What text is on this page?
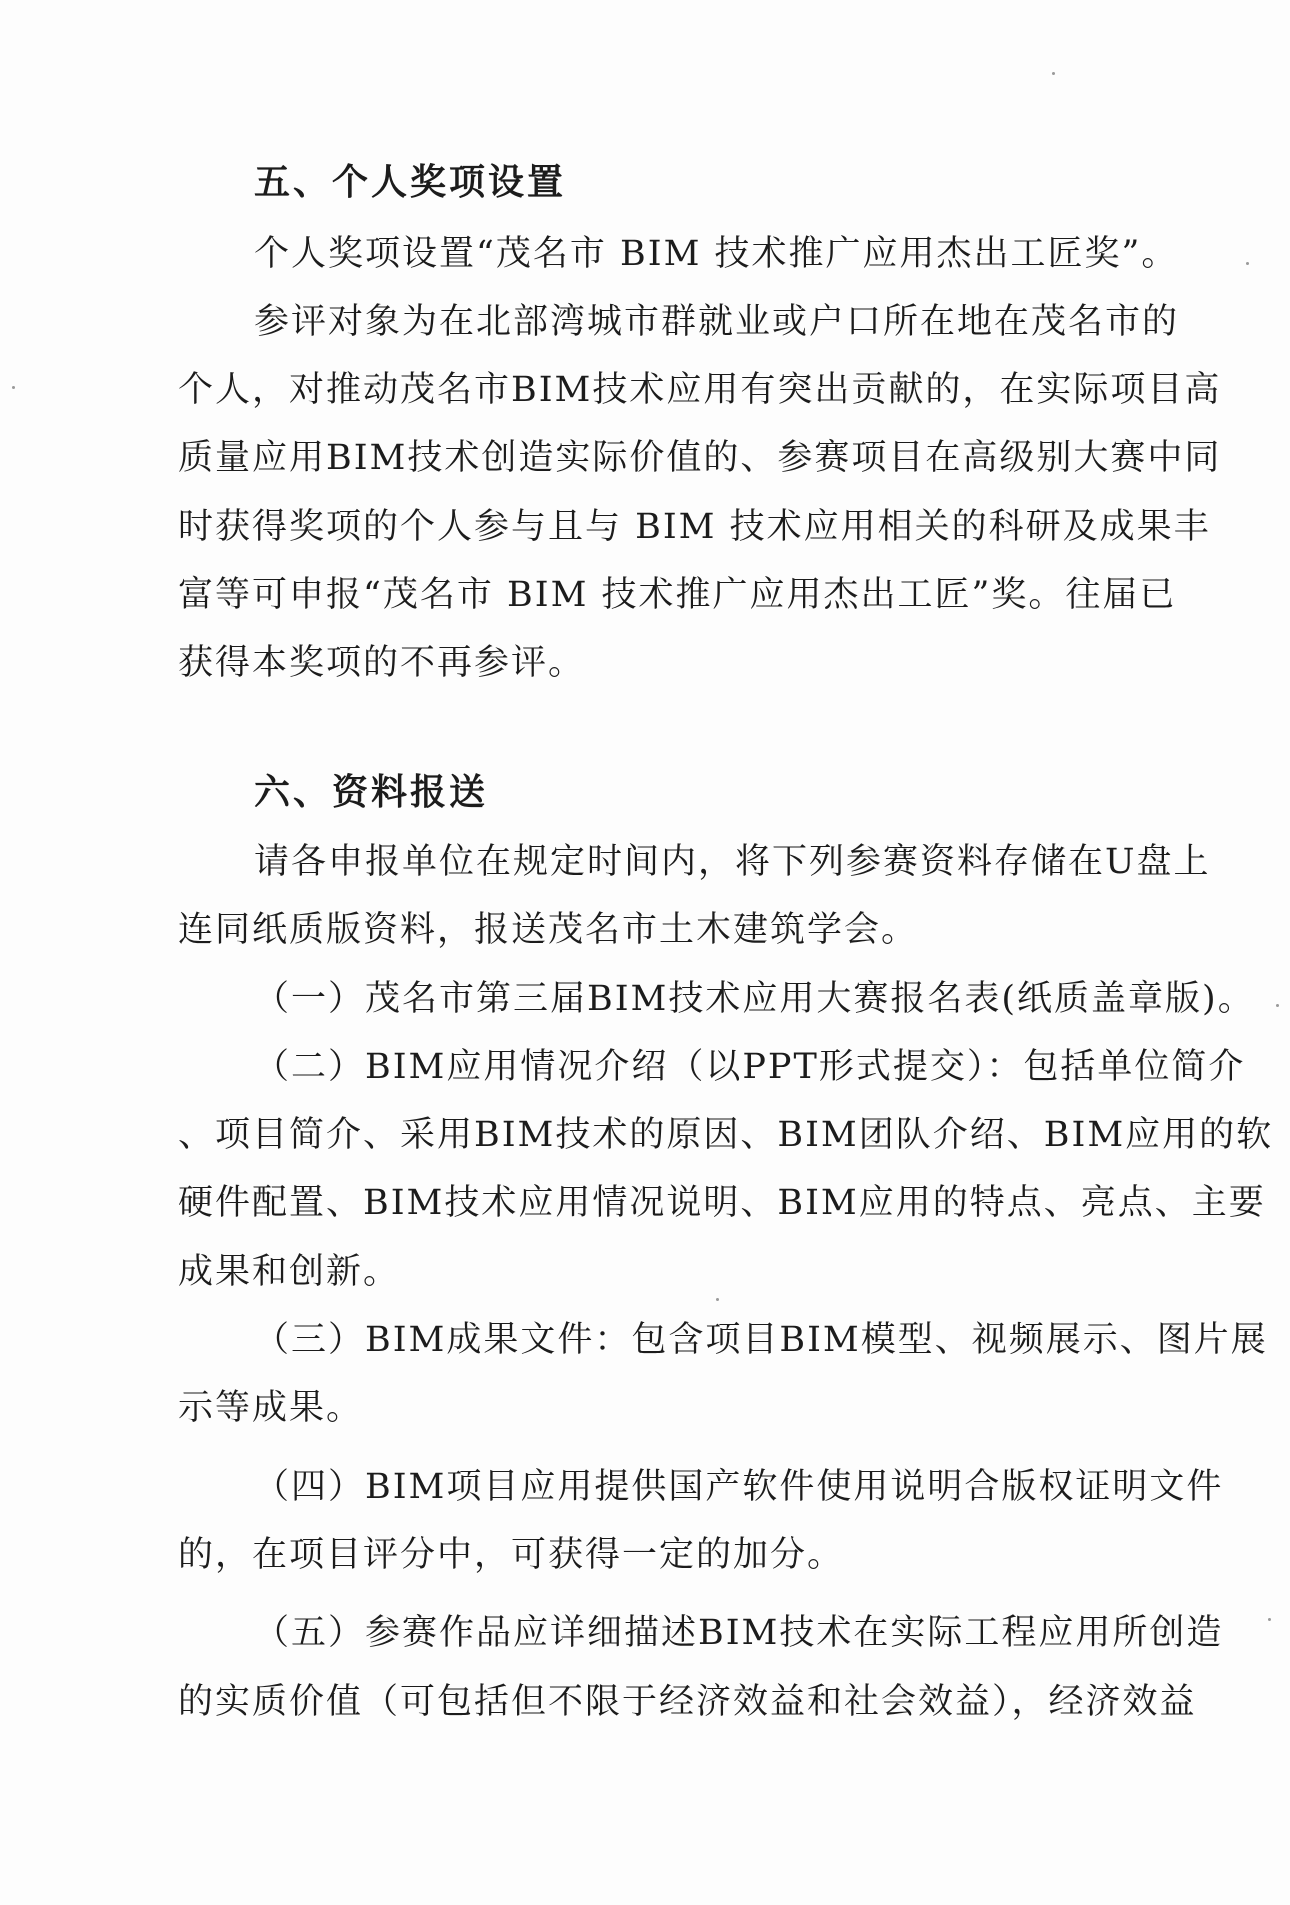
五、个人奖项设置
个人奖项设置“茂名市 BIM 技术推广应用杰出工匠奖”。
参评对象为在北部湾城市群就业或户口所在地在茂名市的
个人，对推动茂名市BIM技术应用有突出贡献的，在实际项目高
质量应用BIM技术创造实际价值的、参赛项目在高级别大赛中同
时获得奖项的个人参与且与 BIM 技术应用相关的科研及成果丰
富等可申报“茂名市 BIM 技术推广应用杰出工匠”奖。往届已
获得本奖项的不再参评。
六、资料报送
请各申报单位在规定时间内，将下列参赛资料存储在U盘上
连同纸质版资料，报送茂名市土木建筑学会。
（一）茂名市第三届BIM技术应用大赛报名表(纸质盖章版)。
（二）BIM应用情况介绍（以PPT形式提交）：包括单位简介
、项目简介、采用BIM技术的原因、BIM团队介绍、BIM应用的软
硬件配置、BIM技术应用情况说明、BIM应用的特点、亮点、主要
成果和创新。
（三）BIM成果文件：包含项目BIM模型、视频展示、图片展
示等成果。
（四）BIM项目应用提供国产软件使用说明合版权证明文件
的，在项目评分中，可获得一定的加分。
（五）参赛作品应详细描述BIM技术在实际工程应用所创造
的实质价值（可包括但不限于经济效益和社会效益），经济效益
